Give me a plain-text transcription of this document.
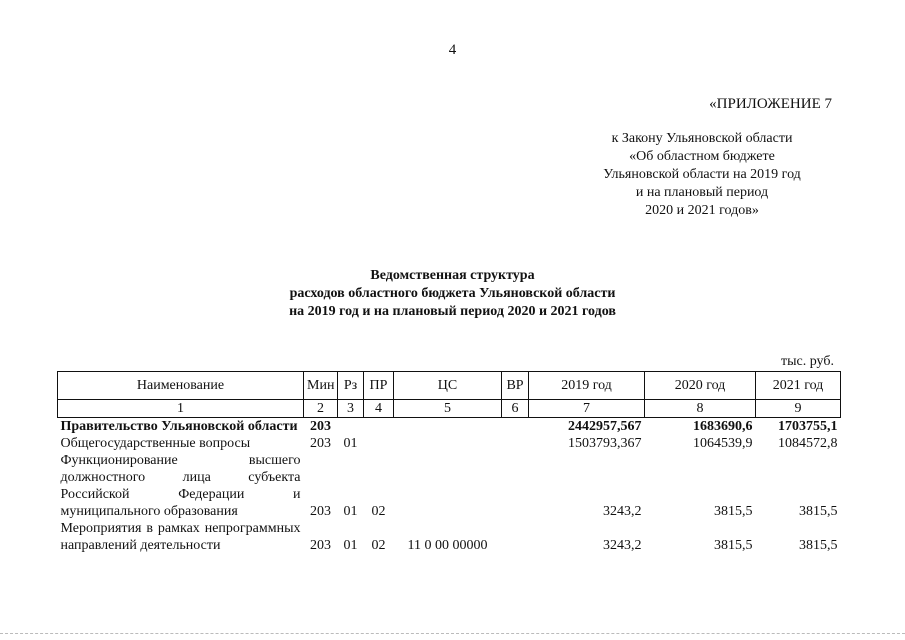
4
«ПРИЛОЖЕНИЕ 7
к Закону Ульяновской области
«Об областном бюджете
Ульяновской области на 2019 год
и на плановый период
2020 и 2021 годов»
Ведомственная структура
расходов областного бюджета Ульяновской области
на 2019 год и на плановый период 2020 и 2021 годов
тыс. руб.
Наименование	Мин	Рз	ПР	ЦС	ВР	2019 год	2020 год	2021 год
1	2	3	4	5	6	7	8	9
Правительство Ульяновской области	203					2442957,567	1683690,6	1703755,1
Общегосударственные вопросы	203	01				1503793,367	1064539,9	1084572,8
Функционирование высшего должностного лица субъекта Российской Федерации и муниципального образования	203	01	02			3243,2	3815,5	3815,5
Мероприятия в рамках непрограммных направлений деятельности	203	01	02	11 0 00 00000		3243,2	3815,5	3815,5
